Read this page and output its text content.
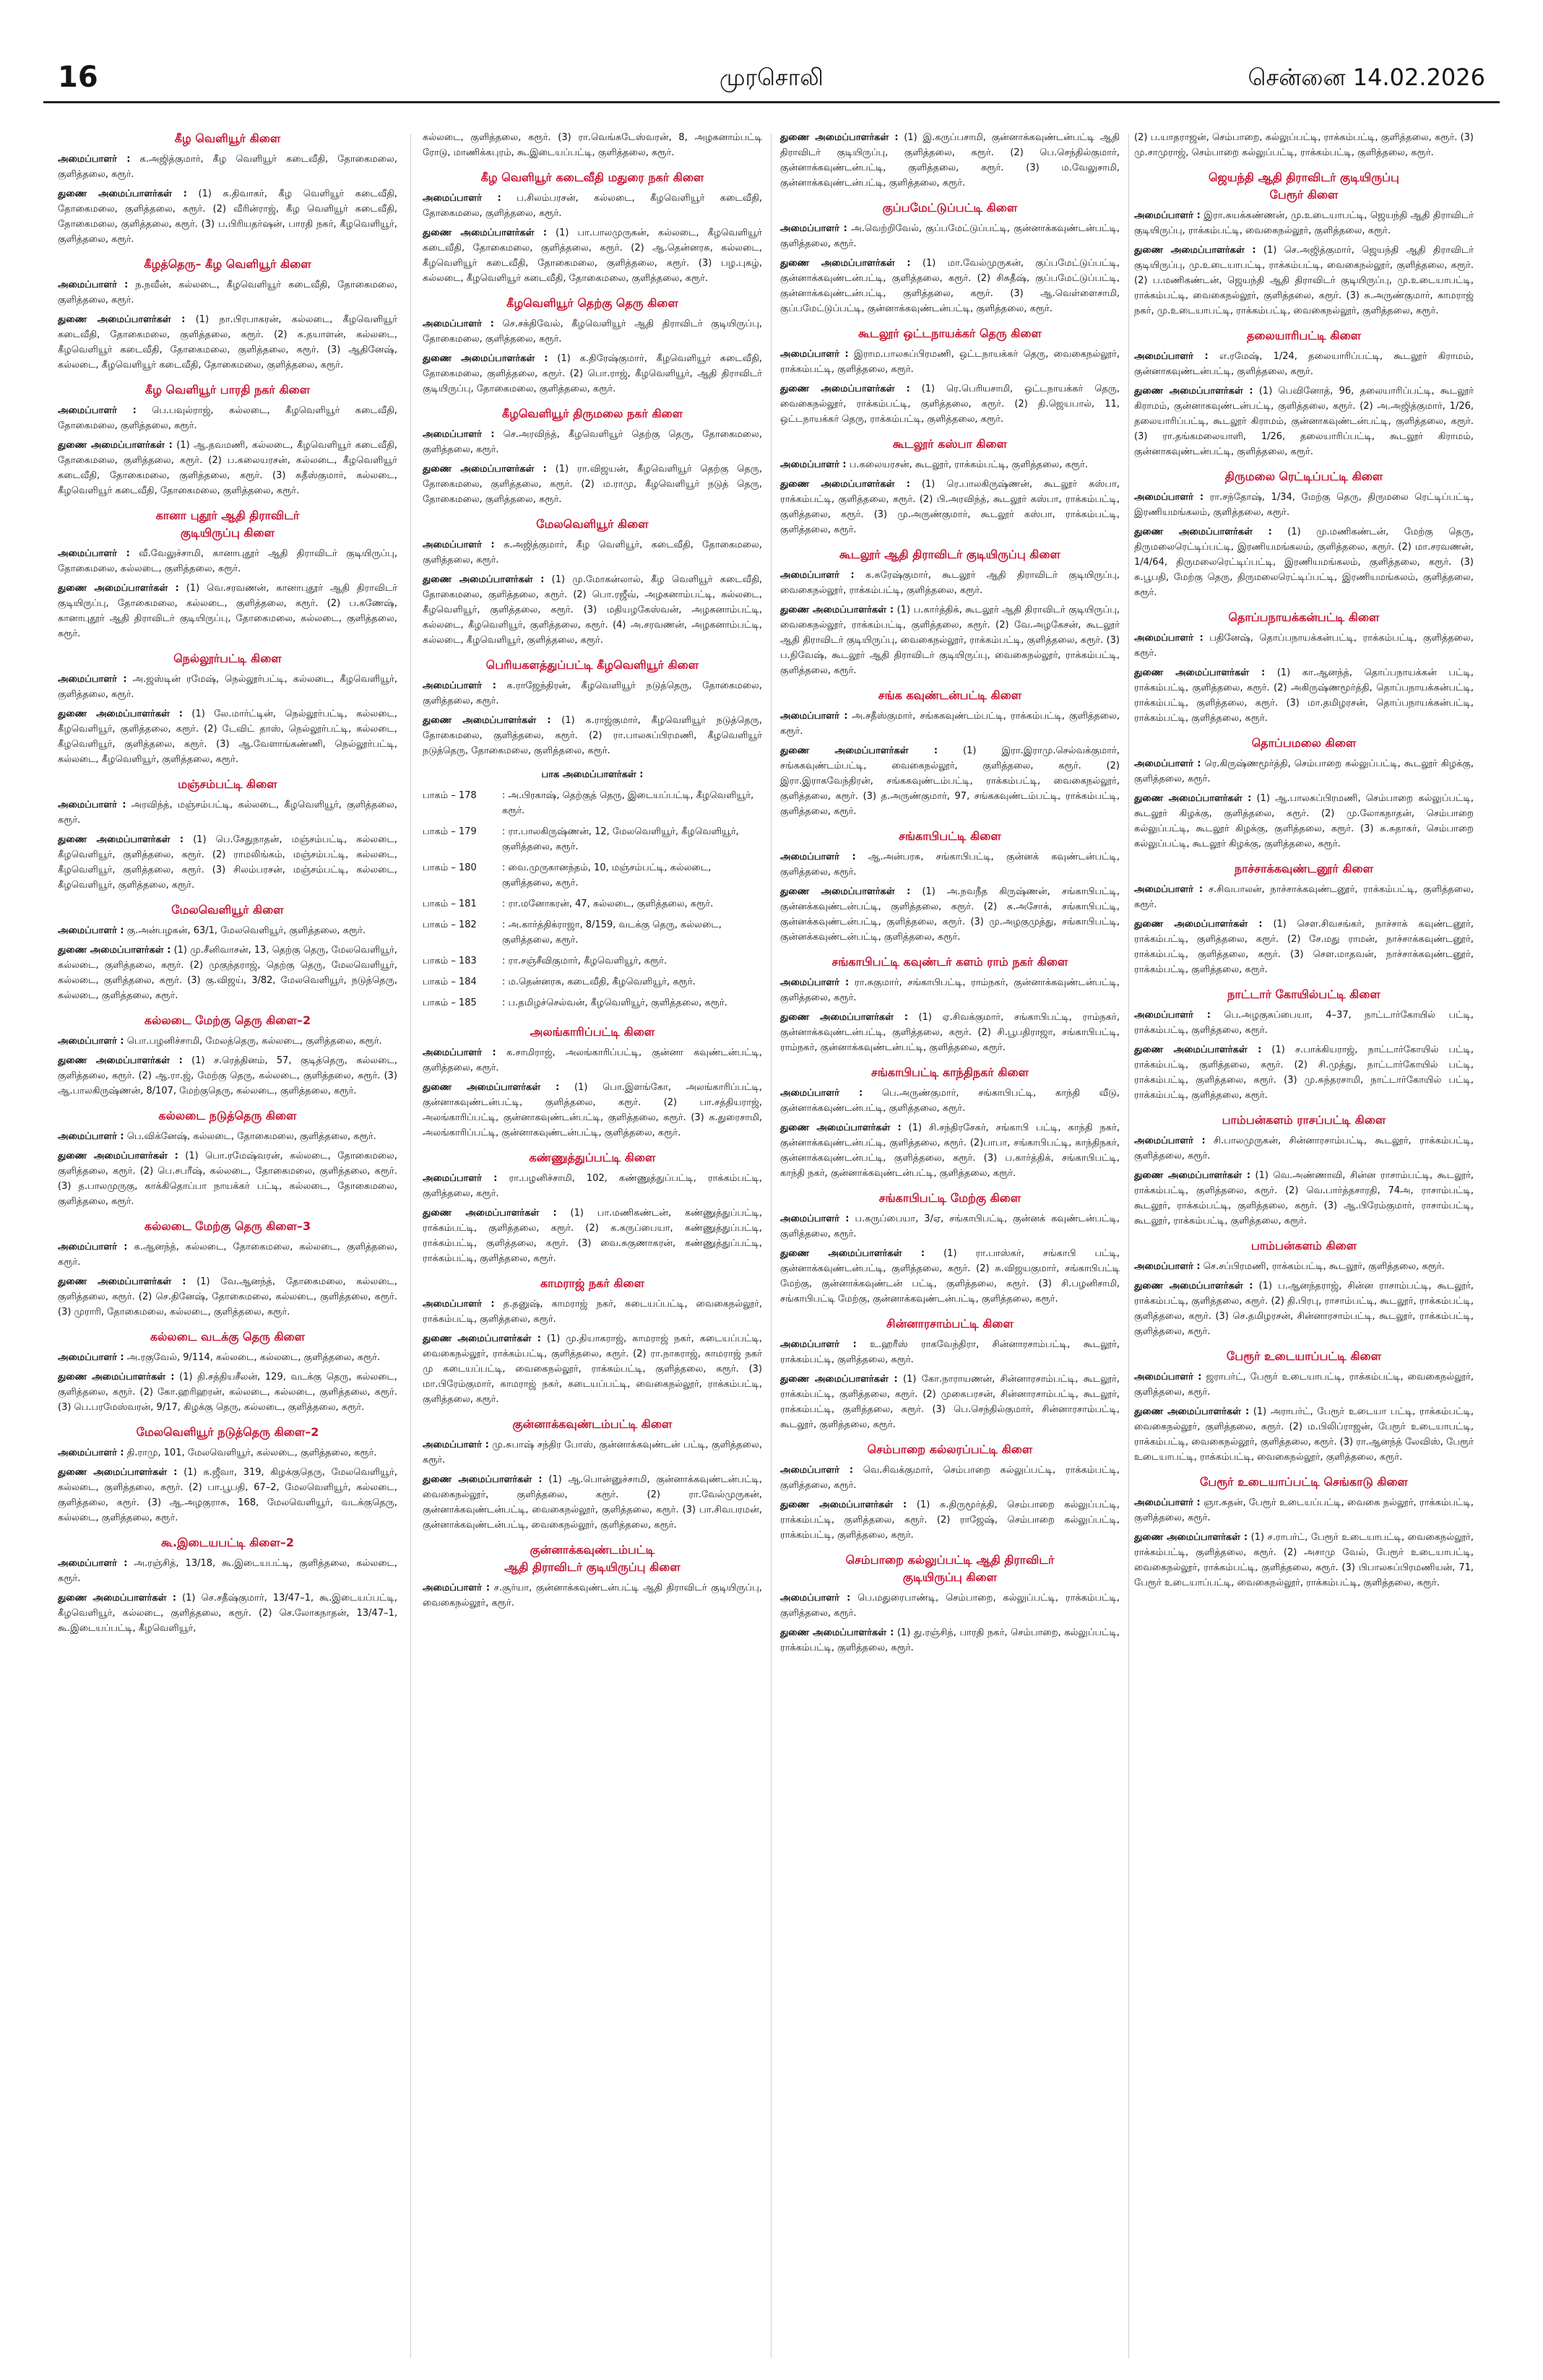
16	முரசொலி	சென்னை 14.02.2026
கீழ வெளியூர் கிளை

அமைப்பாளர் : க.அஜித்குமார், கீழ வெளியூர் கடைவீதி, தோகைமலை, குளித்தலை, கரூர்.

துணை அமைப்பாளர்கள் : (1) க.திவாகர், கீழ வெளியூர் கடைவீதி, தோகைமலை, குளித்தலை, கரூர். (2) வீரின்ராஜ், கீழ வெளியூர் கடைவீதி, தோகைமலை, குளித்தலை, கரூர். (3) ப.பிரியதர்ஷன், பாரதி நகர், கீழவெளியூர், குளித்தலை, கரூர்.

கீழத்தெரு– கீழ வெளியூர் கிளை

அமைப்பாளர் : ந.நவீன், கல்லடை, கீழவெளியூர் கடைவீதி, தோகைமலை, குளித்தலை, கரூர்.

துணை அமைப்பாளர்கள் : (1) நா.பிரபாகரன், கல்லடை, கீழவெளியூர் கடைவீதி, தோகைமலை, குளித்தலை, கரூர். (2) க.தயாளன், கல்லடை, கீழவெளியூர் கடைவீதி, தோகைமலை, குளித்தலை, கரூர். (3) ஆதினேஷ், கல்லடை, கீழவெளியூர் கடைவீதி, தோகைமலை, குளித்தலை, கரூர்.

கீழ வெளியூர் பாரதி நகர் கிளை

அமைப்பாளர் : பெ.பவுல்ராஜ், கல்லடை, கீழவெளியூர் கடைவீதி, தோகைமலை, குளித்தலை, கரூர்.

துணை அமைப்பாளர்கள் : (1) ஆ.தவமணி, கல்லடை, கீழவெளியூர் கடைவீதி, தோகைமலை, குளித்தலை, கரூர். (2) ப.கலையரசன், கல்லடை, கீழவெளியூர் கடைவீதி, தோகைமலை, குளித்தலை, கரூர். (3) சுதீஸ்குமார், கல்லடை, கீழவெளியூர் கடைவீதி, தோகைமலை, குளித்தலை, கரூர்.

கானா புதூர் ஆதி திராவிடர்
குடியிருப்பு கிளை

அமைப்பாளர் : வீ.வேலுச்சாமி, கானாபுதூர் ஆதி திராவிடர் குடியிருப்பு, தோகைமலை, கல்லடை, குளித்தலை, கரூர்.

துணை அமைப்பாளர்கள் : (1) வெ.சரவணன், கானாபுதூர் ஆதி திராவிடர் குடியிருப்பு, தோகைமலை, கல்லடை, குளித்தலை, கரூர். (2) ப.கணேஷ், கானாபுதூர் ஆதி திராவிடர் குடியிருப்பு, தோகைமலை, கல்லடை, குளித்தலை, கரூர்.

நெல்லூர்பட்டி கிளை

அமைப்பாளர் : அ.ஜஸ்டின் ரமேஷ், நெல்லூர்பட்டி, கல்லடை, கீழவெளியூர், குளித்தலை, கரூர்.

துணை அமைப்பாளர்கள் : (1) லே.மார்ட்டின், நெல்லூர்பட்டி, கல்லடை, கீழவெளியூர், குளித்தலை, கரூர். (2) டேவிட் தாஸ், நெல்லூர்பட்டி, கல்லடை, கீழவெளியூர், குளித்தலை, கரூர். (3) ஆ.வேளாங்கண்ணி, நெல்லூர்பட்டி, கல்லடை, கீழவெளியூர், குளித்தலை, கரூர்.

மஞ்சம்பட்டி கிளை

அமைப்பாளர் : அரவிந்த், மஞ்சம்பட்டி, கல்லடை, கீழவெளியூர், குளித்தலை, கரூர்.

துணை அமைப்பாளர்கள் : (1) பெ.சேதுநாதன், மஞ்சம்பட்டி, கல்லடை, கீழவெளியூர், குளித்தலை, கரூர். (2) ராமலிங்கம், மஞ்சம்பட்டி, கல்லடை, கீழவெளியூர், குளித்தலை, கரூர். (3) சிலம்பரசன், மஞ்சம்பட்டி, கல்லடை, கீழவெளியூர், குளித்தலை, கரூர்.

மேலவெளியூர் கிளை

அமைப்பாளர் : கு.அன்பழகன், 63/1, மேலவெளியூர், குளித்தலை, கரூர்.

துணை அமைப்பாளர்கள் : (1) மு.சீனிவாசன், 13, தெற்கு தெரு, மேலவெளியூர், கல்லடை, குளித்தலை, கரூர். (2) முகுந்தராஜ், தெற்கு தெரு, மேலவெளியூர், கல்லடை, குளித்தலை, கரூர். (3) கு.விஜய், 3/82, மேலவெளியூர், நடுத்தெரு, கல்லடை, குளித்தலை, கரூர்.

கல்லடை மேற்கு தெரு கிளை–2

அமைப்பாளர் : பொ.பழனிச்சாமி, மேலத்தெரு, கல்லடை, குளித்தலை, கரூர்.

துணை அமைப்பாளர்கள் : (1) ச.ரெத்தினம், 57, குடித்தெரு, கல்லடை, குளித்தலை, கரூர். (2) ஆ.ரா.ஜ், மேற்கு தெரு, கல்லடை, குளித்தலை, கரூர். (3) ஆ.பாலகிருஷ்ணன், 8/107, மேற்குதெரு, கல்லடை, குளித்தலை, கரூர்.

கல்லடை நடுத்தெரு கிளை

அமைப்பாளர் : பெ.விக்னேஷ், கல்லடை, தோகைமலை, குளித்தலை, கரூர்.

துணை அமைப்பாளர்கள் : (1) பொ.ரமேஷ்வரன், கல்லடை, தோகைமலை, குளித்தலை, கரூர். (2) பெ.சபரீஷ், கல்லடை, தோகைமலை, குளித்தலை, கரூர். (3) த.பாலமுருகு, காக்கிதொப்பா நாயக்கர் பட்டி, கல்லடை, தோகைமலை, குளித்தலை, கரூர்.

கல்லடை மேற்கு தெரு கிளை–3

அமைப்பாளர் : க.ஆனந்த், கல்லடை, தோகைமலை, கல்லடை, குளித்தலை, கரூர்.

துணை அமைப்பாளர்கள் : (1) வே.ஆனந்த், தோகைமலை, கல்லடை, குளித்தலை, கரூர். (2) செ.தினேஷ், தோகைமலை, கல்லடை, குளித்தலை, கரூர். (3) முராரி, தோகைமலை, கல்லடை, குளித்தலை, கரூர்.

கல்லடை வடக்கு தெரு கிளை

அமைப்பாளர் : அ.ரகுவேல், 9/114, கல்லடை, கல்லடை, குளித்தலை, கரூர்.

துணை அமைப்பாளர்கள் : (1) தி.சத்தியசீலன், 129, வடக்கு தெரு, கல்லடை, குளித்தலை, கரூர். (2) கோ.ஹரிஹரன், கல்லடை, கல்லடை, குளித்தலை, கரூர். (3) பெ.பரமேஸ்வரன், 9/17, கிழக்கு தெரு, கல்லடை, குளித்தலை, கரூர்.

மேலவெளியூர் நடுத்தெரு கிளை–2

அமைப்பாளர் : தி.ராமு, 101, மேலவெளியூர், கல்லடை, குளித்தலை, கரூர்.

துணை அமைப்பாளர்கள் : (1) க.ஜீவா, 319, கிழக்குதெரு, மேலவெளியூர், கல்லடை, குளித்தலை, கரூர். (2) பா.பூபதி, 67–2, மேலவெளியூர், கல்லடை, குளித்தலை, கரூர். (3) ஆ.அழகுராசு, 168, மேலவெளியூர், வடக்குதெரு, கல்லடை, குளித்தலை, கரூர்.

கூ.இடையபட்டி கிளை–2

அமைப்பாளர் : அ.ரஞ்சித், 13/18, கூ.இடையபட்டி, குளித்தலை, கல்லடை, கரூர்.

துணை அமைப்பாளர்கள் : (1) செ.சதீஷ்குமார், 13/47–1, கூ.இடையப்பட்டி, கீழவெளியூர், கல்லடை, குளித்தலை, கரூர். (2) செ.லோகநாதன், 13/47–1, கூ.இடையப்பட்டி, கீழவெளியூர்,

கல்லடை, குளித்தலை, கரூர். (3) ரா.வெங்கடேஸ்வரன், 8, அழகனாம்பட்டி ரோடு, மாணிக்கபுரம், கூ.இடையப்பட்டி, குளித்தலை, கரூர்.

கீழ வெளியூர் கடைவீதி மதுரை நகர் கிளை

அமைப்பாளர் : ப.சிலம்பரசன், கல்லடை, கீழவெளியூர் கடைவீதி, தோகைமலை, குளித்தலை, கரூர்.

துணை அமைப்பாளர்கள் : (1) பா.பாலமுருகன், கல்லடை, கீழவெளியூர் கடைவீதி, தோகைமலை, குளித்தலை, கரூர். (2) ஆ.தென்னரசு, கல்லடை, கீழவெளியூர் கடைவீதி, தோகைமலை, குளித்தலை, கரூர். (3) பழ.புகழ், கல்லடை, கீழவெளியூர் கடைவீதி, தோகைமலை, குளித்தலை, கரூர்.

கீழவெளியூர் தெற்கு தெரு கிளை

அமைப்பாளர் : செ.சக்திவேல், கீழவெளியூர் ஆதி திராவிடர் குடியிருப்பு, தோகைமலை, குளித்தலை, கரூர்.

துணை அமைப்பாளர்கள் : (1) க.திரேஷ்குமார், கீழவெளியூர் கடைவீதி, தோகைமலை, குளித்தலை, கரூர். (2) பொ.ராஜ், கீழவெளியூர், ஆதி திராவிடர் குடியிருப்பு, தோகைமலை, குளித்தலை, கரூர்.

கீழவெளியூர் திருமலை நகர் கிளை

அமைப்பாளர் : செ.அரவிந்த், கீழவெளியூர் தெற்கு தெரு, தோகைமலை, குளித்தலை, கரூர்.

துணை அமைப்பாளர்கள் : (1) ரா.விஜயன், கீழவெளியூர் தெற்கு தெரு, தோகைமலை, குளித்தலை, கரூர். (2) ம.ராமு, கீழவெளியூர் நடுத் தெரு, தோகைமலை, குளித்தலை, கரூர்.

மேலவெளியூர் கிளை

அமைப்பாளர் : க.அஜித்குமார், கீழ வெளியூர், கடைவீதி, தோகைமலை, குளித்தலை, கரூர்.

துணை அமைப்பாளர்கள் : (1) மு.மோகன்லால், கீழ வெளியூர் கடைவீதி, தோகைமலை, குளித்தலை, கரூர். (2) பொ.ரஜீவ், அழகனாம்பட்டி, கல்லடை, கீழவெளியூர், குளித்தலை, கரூர். (3) மதியழகேஸ்வன், அழகனாம்பட்டி, கல்லடை, கீழவெளியூர், குளித்தலை, கரூர். (4) அ.சரவணன், அழகனாம்பட்டி, கல்லடை, கீழவெளியூர், குளித்தலை, கரூர்.

பெரியகளத்துப்பட்டி கீழவெளியூர் கிளை

அமைப்பாளர் : க.ராஜேந்திரன், கீழவெளியூர் நடுத்தெரு, தோகைமலை, குளித்தலை, கரூர்.

துணை அமைப்பாளர்கள் : (1) க.ராஜ்குமார், கீழவெளியூர் நடுத்தெரு, தோகைமலை, குளித்தலை, கரூர். (2) ரா.பாலசுப்பிரமணி, கீழவெளியூர் நடுத்தெரு, தோகைமலை, குளித்தலை, கரூர்.

பாக அமைப்பாளர்கள் :
பாகம் – 178	: அ.பிரகாஷ், தெற்குத் தெரு, இடையப்பட்டி, கீழவெளியூர், கரூர்.
பாகம் – 179	: ரா.பாலகிருஷ்ணன், 12, மேலவெளியூர், கீழவெளியூர், குளித்தலை, கரூர்.
பாகம் – 180	: வை.முருகானந்தம், 10, மஞ்சம்பட்டி, கல்லடை, குளித்தலை, கரூர்.
பாகம் – 181	: ரா.மனோகரன், 47, கல்லடை, குளித்தலை, கரூர்.
பாகம் – 182	: அ.கார்த்திக்ராஜா, 8/159, வடக்கு தெரு, கல்லடை, குளித்தலை, கரூர்.
பாகம் – 183	: ரா.சஞ்சீவிகுமார், கீழவெளியூர், கரூர்.
பாகம் – 184	: ம.தென்னரசு, கடைவீதி, கீழவெளியூர், கரூர்.
பாகம் – 185	: ப.தமிழச்செல்வன், கீழவெளியூர், குளித்தலை, கரூர்.
அலங்காரிப்பட்டி கிளை

அமைப்பாளர் : க.சாமிராஜ், அலங்காரிப்பட்டி, குன்னா கவுண்டன்பட்டி, குளித்தலை, கரூர்.

துணை அமைப்பாளர்கள் : (1) பொ.இளங்கோ, அலங்காரிப்பட்டி, குன்னாகவுண்டன்பட்டி, குளித்தலை, கரூர். (2) பா.சத்தியராஜ், அலங்காரிப்பட்டி, குன்னாகவுண்டன்பட்டி, குளித்தலை, கரூர். (3) க.துரைசாமி, அலங்காரிப்பட்டி, குன்னாகவுண்டன்பட்டி, குளித்தலை, கரூர்.

கண்ணுத்துப்பட்டி கிளை

அமைப்பாளர் : ரா.பழனிச்சாமி, 102, கண்ணுத்துப்பட்டி, ராக்கம்பட்டி, குளித்தலை, கரூர்.

துணை அமைப்பாளர்கள் : (1) பா.மணிகண்டன், கண்ணுத்துப்பட்டி, ராக்கம்பட்டி, குளித்தலை, கரூர். (2) க.கருப்பையா, கண்ணுத்துப்பட்டி, ராக்கம்பட்டி, குளித்தலை, கரூர். (3) வை.சுகுணாகரன், கண்ணுத்துப்பட்டி, ராக்கம்பட்டி, குளித்தலை, கரூர்.

காமராஜ் நகர் கிளை

அமைப்பாளர் : த.தனுஷ், காமராஜ் நகர், கடையப்பட்டி, வைகைநல்லூர், ராக்கம்பட்டி, குளித்தலை, கரூர்.

துணை அமைப்பாளர்கள் : (1) மு.தியாகராஜ், காமராஜ் நகர், கடையப்பட்டி, வைகைநல்லூர், ராக்கம்பட்டி, குளித்தலை, கரூர். (2) ரா.நாகராஜ், காமராஜ் நகர் மு கடையப்பட்டி, வைகைநல்லூர், ராக்கம்பட்டி, குளித்தலை, கரூர். (3) மா.பிரேம்குமார், காமராஜ் நகர், கடையப்பட்டி, வைகைநல்லூர், ராக்கம்பட்டி, குளித்தலை, கரூர்.

குன்னாக்கவுண்டம்பட்டி கிளை

அமைப்பாளர் : மு.சுபாஷ் சந்திர போஸ், குன்னாக்கவுண்டன் பட்டி, குளித்தலை, கரூர்.

துணை அமைப்பாளர்கள் : (1) ஆ.பொன்னுச்சாமி, குன்னாக்கவுண்டன்பட்டி, வைகைநல்லூர், குளித்தலை, கரூர். (2) ரா.வேல்முருகன், குன்னாக்கவுண்டன்பட்டி, வைகைநல்லூர், குளித்தலை, கரூர். (3) பா.சிவபரமன், குன்னாக்கவுண்டன்பட்டி, வைகைநல்லூர், குளித்தலை, கரூர்.

குன்னாக்கவுண்டம்பட்டி
ஆதி திராவிடர் குடியிருப்பு கிளை

அமைப்பாளர் : ச.சூர்யா, குன்னாக்கவுண்டன்பட்டி ஆதி திராவிடர் குடியிருப்பு, வைகைநல்லூர், கரூர்.

துணை அமைப்பாளர்கள் : (1) இ.கருப்பசாமி, குன்னாக்கவுண்டன்பட்டி ஆதி திராவிடர் குடியிருப்பு, குளித்தலை, கரூர். (2) பெ.செந்தில்குமார், குன்னாக்கவுண்டன்பட்டி, குளித்தலை, கரூர். (3) ம.வேலுசாமி, குன்னாக்கவுண்டன்பட்டி, குளித்தலை, கரூர்.

குப்பமேட்டுப்பட்டி கிளை

அமைப்பாளர் : அ.வெற்றிவேல், குப்பமேட்டுப்பட்டி, குன்னாக்கவுண்டன்பட்டி, குளித்தலை, கரூர்.

துணை அமைப்பாளர்கள் : (1) மா.வேல்முருகன், குப்பமேட்டுப்பட்டி, குன்னாக்கவுண்டன்பட்டி, குளித்தலை, கரூர். (2) சிசுதீஷ், குப்பமேட்டுப்பட்டி, குன்னாக்கவுண்டன்பட்டி, குளித்தலை, கரூர். (3) ஆ.வெள்ளைசாமி, குப்பமேட்டுப்பட்டி, குன்னாக்கவுண்டன்பட்டி, குளித்தலை, கரூர்.

கூடலூர் ஒட்டநாயக்கர் தெரு கிளை

அமைப்பாளர் : இராம.பாலசுப்பிரமணி, ஒட்டநாயக்கர் தெரு, வைகைநல்லூர், ராக்கம்பட்டி, குளித்தலை, கரூர்.

துணை அமைப்பாளர்கள் : (1) ரெ.பெரியசாமி, ஒட்டநாயக்கர் தெரு, வைகைநல்லூர், ராக்கம்பட்டி, குளித்தலை, கரூர். (2) தி.ஜெயபால், 11, ஒட்டநாயக்கர் தெரு, ராக்கம்பட்டி, குளித்தலை, கரூர்.

கூடலூர் கஸ்பா கிளை

அமைப்பாளர் : ப.கலையரசன், கூடலூர், ராக்கம்பட்டி, குளித்தலை, கரூர்.

துணை அமைப்பாளர்கள் : (1) ரெ.பாலகிருஷ்ணன், கூடலூர் கஸ்பா, ராக்கம்பட்டி, குளித்தலை, கரூர். (2) பி.அரவிந்த், கூடலூர் கஸ்பா, ராக்கம்பட்டி, குளித்தலை, கரூர். (3) மு.அருண்குமார், கூடலூர் கஸ்பா, ராக்கம்பட்டி, குளித்தலை, கரூர்.

கூடலூர் ஆதி திராவிடர் குடியிருப்பு கிளை

அமைப்பாளர் : க.சுரேஷ்குமார், கூடலூர் ஆதி திராவிடர் குடியிருப்பு, வைகைநல்லூர், ராக்கம்பட்டி, குளித்தலை, கரூர்.

துணை அமைப்பாளர்கள் : (1) ப.கார்த்திக், கூடலூர் ஆதி திராவிடர் குடியிருப்பு, வைகைநல்லூர், ராக்கம்பட்டி, குளித்தலை, கரூர். (2) வே.அழகேசன், கூடலூர் ஆதி திராவிடர் குடியிருப்பு, வைகைநல்லூர், ராக்கம்பட்டி, குளித்தலை, கரூர். (3) ப.நிவேஷ், கூடலூர் ஆதி திராவிடர் குடியிருப்பு, வைகைநல்லூர், ராக்கம்பட்டி, குளித்தலை, கரூர்.

சங்க கவுண்டன்பட்டி கிளை

அமைப்பாளர் : அ.சதீஸ்குமார், சங்ககவுண்டம்பட்டி, ராக்கம்பட்டி, குளித்தலை, கரூர்.

துணை அமைப்பாளர்கள் :	(1) இரா.இராமு.செல்வக்குமார், சங்ககவுண்டம்பட்டி, வைகைநல்லூர், குளித்தலை, கரூர். (2) இரா.இராகவேந்திரன், சங்ககவுண்டம்பட்டி, ராக்கம்பட்டி, வைகைநல்லூர், குளித்தலை, கரூர். (3) த.அருண்குமார், 97, சங்ககவுண்டம்பட்டி, ராக்கம்பட்டி, குளித்தலை, கரூர்.

சங்காபிபட்டி கிளை

அமைப்பாளர் : ஆ.அன்பரசு, சங்காபிபட்டி, குன்னக் கவுண்டன்பட்டி, குளித்தலை, கரூர்.

துணை அமைப்பாளர்கள் : (1) அ.நவநீத கிருஷ்ணன், சங்காபிபட்டி, குன்னக்கவுண்டன்பட்டி, குளித்தலை, கரூர். (2) சு.அசோக், சங்காபிபட்டி, குன்னக்கவுண்டன்பட்டி, குளித்தலை, கரூர். (3) மு.அழகுமுத்து, சங்காபிபட்டி, குன்னக்கவுண்டன்பட்டி, குளித்தலை, கரூர்.

சங்காபிபட்டி கவுண்டர் களம் ராம் நகர் கிளை

அமைப்பாளர் : ரா.சுகுமார், சங்காபிபட்டி, ராம்நகர், குன்னாக்கவுண்டன்பட்டி, குளித்தலை, கரூர்.

துணை அமைப்பாளர்கள் : (1) ஏ.சிவக்குமார், சங்காபிபட்டி, ராம்நகர், குன்னாக்கவுண்டன்பட்டி, குளித்தலை, கரூர். (2) சி.பூபதிராஜா, சங்காபிபட்டி, ராம்நகர், குன்னாக்கவுண்டன்பட்டி, குளித்தலை, கரூர்.

சங்காபிபட்டி காந்திநகர் கிளை

அமைப்பாளர் : பெ.அருண்குமார், சங்காபிபட்டி, காந்தி வீடு, குன்னாக்கவுண்டன்பட்டி, குளித்தலை, கரூர்.

துணை அமைப்பாளர்கள் : (1) சி.சந்திரசேகர், சங்காபி பட்டி, காந்தி நகர், குன்னாக்கவுண்டன்பட்டி, குளித்தலை, கரூர். (2)பாபா, சங்காபிபட்டி, காந்திநகர், குன்னாக்கவுண்டன்பட்டி, குளித்தலை, கரூர். (3) ப.கார்த்திக், சங்காபிபட்டி, காந்தி நகர், குன்னாக்கவுண்டன்பட்டி, குளித்தலை, கரூர்.

சங்காபிபட்டி மேற்கு கிளை

அமைப்பாளர் : ப.கருப்பையா, 3/ஏ, சங்காபிபட்டி, குன்னக் கவுண்டன்பட்டி, குளித்தலை, கரூர்.

துணை அமைப்பாளர்கள் : (1) ரா.பாஸ்கர், சங்காபி பட்டி, குன்னாக்கவுண்டன்பட்டி, குளித்தலை, கரூர். (2) சு.விஜயகுமார், சங்காபிபட்டி மேற்கு, குன்னாக்கவுண்டன் பட்டி, குளித்தலை, கரூர். (3) சி.பழனிசாமி, சங்காபிபட்டி மேற்கு, குன்னாக்கவுண்டன்பட்டி, குளித்தலை, கரூர்.

சின்னாரசாம்பட்டி கிளை

அமைப்பாளர் : உ.ஹரீஸ் ராகவேந்திரா, சின்னாரசாம்பட்டி, கூடலூர், ராக்கம்பட்டி, குளித்தலை, கரூர்.

துணை அமைப்பாளர்கள் : (1) கோ.நாராயணன், சின்னாரசாம்பட்டி, கூடலூர், ராக்கம்பட்டி, குளித்தலை, கரூர். (2) முகைபரசன், சின்னாரசாம்பட்டி, கூடலூர், ராக்கம்பட்டி, குளித்தலை, கரூர். (3) பெ.செந்தில்குமார், சின்னாரசாம்பட்டி, கூடலூர், குளித்தலை, கரூர்.

செம்பாறை கல்லரப்பட்டி கிளை

அமைப்பாளர் : வெ.சிவக்குமார், செம்பாறை கல்லுப்பட்டி, ராக்கம்பட்டி, குளித்தலை, கரூர்.

துணை அமைப்பாளர்கள் : (1) சு.திருமூர்த்தி, செம்பாறை கல்லுப்பட்டி, ராக்கம்பட்டி, குளித்தலை, கரூர். (2) ராஜேஷ், செம்பாறை கல்லுப்பட்டி, ராக்கம்பட்டி, குளித்தலை, கரூர்.

செம்பாறை கல்லுப்பட்டி ஆதி திராவிடர்
குடியிருப்பு கிளை

அமைப்பாளர் : பெ.மதுரைபாண்டி, செம்பாறை, கல்லுப்பட்டி, ராக்கம்பட்டி, குளித்தலை, கரூர்.

துணை அமைப்பாளர்கள் : (1) து.ரஞ்சித், பாரதி நகர், செம்பாறை, கல்லுப்பட்டி, ராக்கம்பட்டி, குளித்தலை, கரூர்.

(2) ப.யாதராஜன், செம்பாறை, கல்லுப்பட்டி, ராக்கம்பட்டி, குளித்தலை, கரூர். (3) மு.சாமுராஜ், செம்பாறை கல்லுப்பட்டி, ராக்கம்பட்டி, குளித்தலை, கரூர்.

ஜெயந்தி ஆதி திராவிடர் குடியிருப்பு
பேரூர் கிளை

அமைப்பாளர் : இரா.சுயக்கண்ணன், மு.உடையாபட்டி, ஜெயந்தி ஆதி திராவிடர் குடியிருப்பு, ராக்கம்பட்டி, வைகைநல்லூர், குளித்தலை, கரூர்.

துணை அமைப்பாளர்கள் : (1) செ.அஜித்குமார், ஜெயந்தி ஆதி திராவிடர் குடியிருப்பு, மு.உடையாபட்டி, ராக்கம்பட்டி, வைகைநல்லூர், குளித்தலை, கரூர். (2) ப.மணிகண்டன், ஜெயந்தி ஆதி திராவிடர் குடியிருப்பு, மு.உடையாபட்டி, ராக்கம்பட்டி, வைகைநல்லூர், குளித்தலை, கரூர். (3) சு.அருண்குமார், காமராஜ் நகர், மு.உடையாபட்டி, ராக்கம்பட்டி, வைகைநல்லூர், குளித்தலை, கரூர்.

தலையாரிபட்டி கிளை

அமைப்பாளர் : எ.ரமேஷ், 1/24, தலையாரிப்பட்டி, கூடலூர் கிராமம், குன்னாகவுண்டன்பட்டி, குளித்தலை, கரூர்.

துணை அமைப்பாளர்கள் : (1) பெவினோத், 96, தலையாரிப்பட்டி, கூடலூர் கிராமம், குன்னாகவுண்டன்பட்டி, குளித்தலை, கரூர். (2) அ.அஜித்குமார், 1/26, தலையாரிப்பட்டி, கூடலூர் கிராமம், குன்னாகவுண்டன்பட்டி, குளித்தலை, கரூர். (3) ரா.தங்கமலையாளி, 1/26, தலையாரிப்பட்டி, கூடலூர் கிராமம், குன்னாகவுண்டன்பட்டி, குளித்தலை, கரூர்.

திருமலை ரெட்டிப்பட்டி கிளை

அமைப்பாளர் : ரா.சந்தோஷ், 1/34, மேற்கு தெரு, திருமலை ரெட்டிப்பட்டி, இரணியமங்கலம், குளித்தலை, கரூர்.

துணை அமைப்பாளர்கள் : (1) மு.மணிகண்டன், மேற்கு தெரு, திருமலைரெட்டிப்பட்டி, இரணியமங்கலம், குளித்தலை, கரூர். (2) மா.சரவணன், 1/4/64, திருமலைரெட்டிப்பட்டி, இரணியமங்கலம், குளித்தலை, கரூர். (3) சு.பூபதி, மேற்கு தெரு, திருமலைரெட்டிப்பட்டி, இரணியமங்கலம், குளித்தலை, கரூர்.

தொப்பநாயக்கன்பட்டி கிளை

அமைப்பாளர் : பதினேஷ், தொப்பநாயக்கன்பட்டி, ராக்கம்பட்டி, குளித்தலை, கரூர்.

துணை அமைப்பாளர்கள் : (1) கா.ஆனந்த், தொப்பநாயக்கன் பட்டி, ராக்கம்பட்டி, குளித்தலை, கரூர். (2) அகிருஷ்ணமூர்த்தி, தொப்பநாயக்கன்பட்டி, ராக்கம்பட்டி, குளித்தலை, கரூர். (3) மா.தமிழரசன், தொப்பநாயக்கன்பட்டி, ராக்கம்பட்டி, குளித்தலை, கரூர்.

தொப்பமலை கிளை

அமைப்பாளர் : ரெ.கிருஷ்ணமூர்த்தி, செம்பாறை கல்லுப்பட்டி, கூடலூர் கிழக்கு, குளித்தலை, கரூர்.

துணை அமைப்பாளர்கள் : (1) ஆ.பாலசுப்பிரமணி, செம்பாறை கல்லுப்பட்டி, கூடலூர் கிழக்கு, குளித்தலை, கரூர். (2) மு.லோகநாதன், செம்பாறை கல்லுப்பட்டி, கூடலூர் கிழக்கு, குளித்தலை, கரூர். (3) சு.சுதாகர், செம்பாறை கல்லுப்பட்டி, கூடலூர் கிழக்கு, குளித்தலை, கரூர்.

நாச்சாக்கவுண்டனூர் கிளை

அமைப்பாளர் : ச.சிவபாலன், நாச்சாக்கவுண்டனூர், ராக்கம்பட்டி, குளித்தலை, கரூர்.

துணை அமைப்பாளர்கள் : (1) சௌ.சிவசங்கர், நாச்சாக் கவுண்டனூர், ராக்கம்பட்டி, குளித்தலை, கரூர். (2) சே.மது ராமன், நாச்சாக்கவுண்டனூர், ராக்கம்பட்டி, குளித்தலை, கரூர். (3) சௌ.மாதவன், நாச்சாக்கவுண்டனூர், ராக்கம்பட்டி, குளித்தலை, கரூர்.

நாட்டார் கோயில்பட்டி கிளை

அமைப்பாளர் : பெ.அழகுசுப்பையா, 4–37, நாட்டார்கோயில் பட்டி, ராக்கம்பட்டி, குளித்தலை, கரூர்.

துணை அமைப்பாளர்கள் : (1) ச.பாக்கியராஜ், நாட்டார்கோயில் பட்டி, ராக்கம்பட்டி, குளித்தலை, கரூர். (2) சி.முத்து, நாட்டார்கோயில் பட்டி, ராக்கம்பட்டி, குளித்தலை, கரூர். (3) மு.சுந்தரசாமி, நாட்டார்கோயில் பட்டி, ராக்கம்பட்டி, குளித்தலை, கரூர்.

பாம்பன்களம் ராசப்பட்டி கிளை

அமைப்பாளர் : சி.பாலமுருகன், சின்னாரசாம்பட்டி, கூடலூர், ராக்கம்பட்டி, குளித்தலை, கரூர்.

துணை அமைப்பாளர்கள் : (1) வெ.அண்ணாவி, சின்ன ராசாம்பட்டி, கூடலூர், ராக்கம்பட்டி, குளித்தலை, கரூர். (2) வெ.பார்த்தசாரதி, 74அ, ராசாம்பட்டி, கூடலூர், ராக்கம்பட்டி, குளித்தலை, கரூர். (3) ஆ.பிரேம்குமார், ராசாம்பட்டி, கூடலூர், ராக்கம்பட்டி, குளித்தலை, கரூர்.

பாம்பன்களம் கிளை

அமைப்பாளர் : செ.சப்பிரமணி, ராக்கம்பட்டி, கூடலூர், குளித்தலை, கரூர்.

துணை அமைப்பாளர்கள் : (1) ப.ஆனந்தராஜ், சின்ன ராசாம்பட்டி, கூடலூர், ராக்கம்பட்டி, குளித்தலை, கரூர். (2) தி.பிரபு, ராசாம்பட்டி, கூடலூர், ராக்கம்பட்டி, குளித்தலை, கரூர். (3) செ.தமிழரசன், சின்னாரசாம்பட்டி, கூடலூர், ராக்கம்பட்டி, குளித்தலை, கரூர்.

பேரூர் உடையாப்பட்டி கிளை

அமைப்பாளர் : ஜராபர்ட், பேரூர் உடையாபட்டி, ராக்கம்பட்டி, வைகைநல்லூர், குளித்தலை, கரூர்.

துணை அமைப்பாளர்கள் : (1) அராபர்ட், பேரூர் உடையா பட்டி, ராக்கம்பட்டி, வைகைநல்லூர், குளித்தலை, கரூர். (2) ம.பிலிப்ராஜன், பேரூர் உடையாபட்டி, ராக்கம்பட்டி, வைகைநல்லூர், குளித்தலை, கரூர். (3) ரா.ஆனந்த் லேவிஸ், பேரூர் உடையாபட்டி, ராக்கம்பட்டி, வைகைநல்லூர், குளித்தலை, கரூர்.

பேரூர் உடையாப்பட்டி செங்காடு கிளை

அமைப்பாளர் : ஞா.சுதன், பேரூர் உடையப்பட்டி, வைகை நல்லூர், ராக்கம்பட்டி, குளித்தலை, கரூர்.

துணை அமைப்பாளர்கள் : (1) ச.ராபர்ட், பேரூர் உடையாபட்டி, வைகைநல்லூர், ராக்கம்பட்டி, குளித்தலை, கரூர். (2) அசாமு வேல், பேரூர் உடையாபட்டி, வைகைநல்லூர், ராக்கம்பட்டி, குளித்தலை, கரூர். (3) பிபாலசுப்பிரமணியன், 71, பேரூர் உடையாப்பட்டி, வைகைநல்லூர், ராக்கம்பட்டி, குளித்தலை, கரூர்.
